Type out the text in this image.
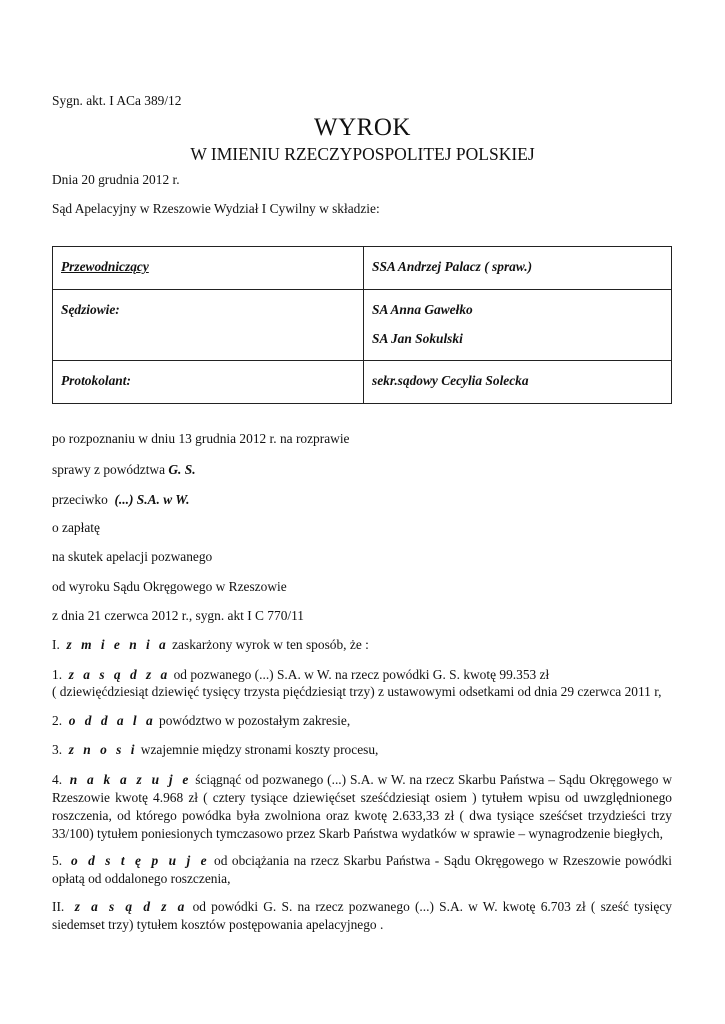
Sygn. akt. I ACa 389/12
WYROK
W IMIENIU RZECZYPOSPOLITEJ POLSKIEJ
Dnia 20 grudnia 2012 r.
Sąd Apelacyjny w Rzeszowie Wydział I Cywilny w składzie:
Przewodniczący	SSA Andrzej Palacz ( spraw.)
Sędziowie:	SA Anna Gawełko
SA Jan Sokulski

Protokolant:	sekr.sądowy Cecylia Solecka
po rozpoznaniu w dniu 13 grudnia 2012 r. na rozprawie
sprawy z powództwa G. S.
przeciwko  (...) S.A. w W.
o zapłatę
na skutek apelacji pozwanego
od wyroku Sądu Okręgowego w Rzeszowie
z dnia 21 czerwca 2012 r., sygn. akt I C 770/11
I.  z m i e n i a zaskarżony wyrok w ten sposób, że :
1.  z a s ą d z a od pozwanego (...) S.A. w W. na rzecz powódki G. S. kwotę 99.353 zł
( dziewięćdziesiąt dziewięć tysięcy trzysta pięćdziesiąt trzy) z ustawowymi odsetkami od dnia 29 czerwca 2011 r,
2.  o d d a l a powództwo w pozostałym zakresie,
3.  z n o s i wzajemnie między stronami koszty procesu,
4.  n a k a z u j e ściągnąć od pozwanego (...) S.A. w W. na rzecz Skarbu Państwa – Sądu Okręgowego w Rzeszowie kwotę 4.968 zł ( cztery tysiące dziewięćset sześćdziesiąt osiem ) tytułem wpisu od uwzględnionego roszczenia, od którego powódka była zwolniona oraz kwotę 2.633,33 zł ( dwa tysiące sześćset trzydzieści trzy 33/100) tytułem poniesionych tymczasowo przez Skarb Państwa wydatków w sprawie – wynagrodzenie biegłych,
5.  o d s t ę p u j e od obciążania na rzecz Skarbu Państwa - Sądu Okręgowego w Rzeszowie powódki opłatą od oddalonego roszczenia,
II.  z a s ą d z a od powódki G. S. na rzecz pozwanego (...) S.A. w W. kwotę 6.703 zł ( sześć tysięcy siedemset trzy) tytułem kosztów postępowania apelacyjnego .
